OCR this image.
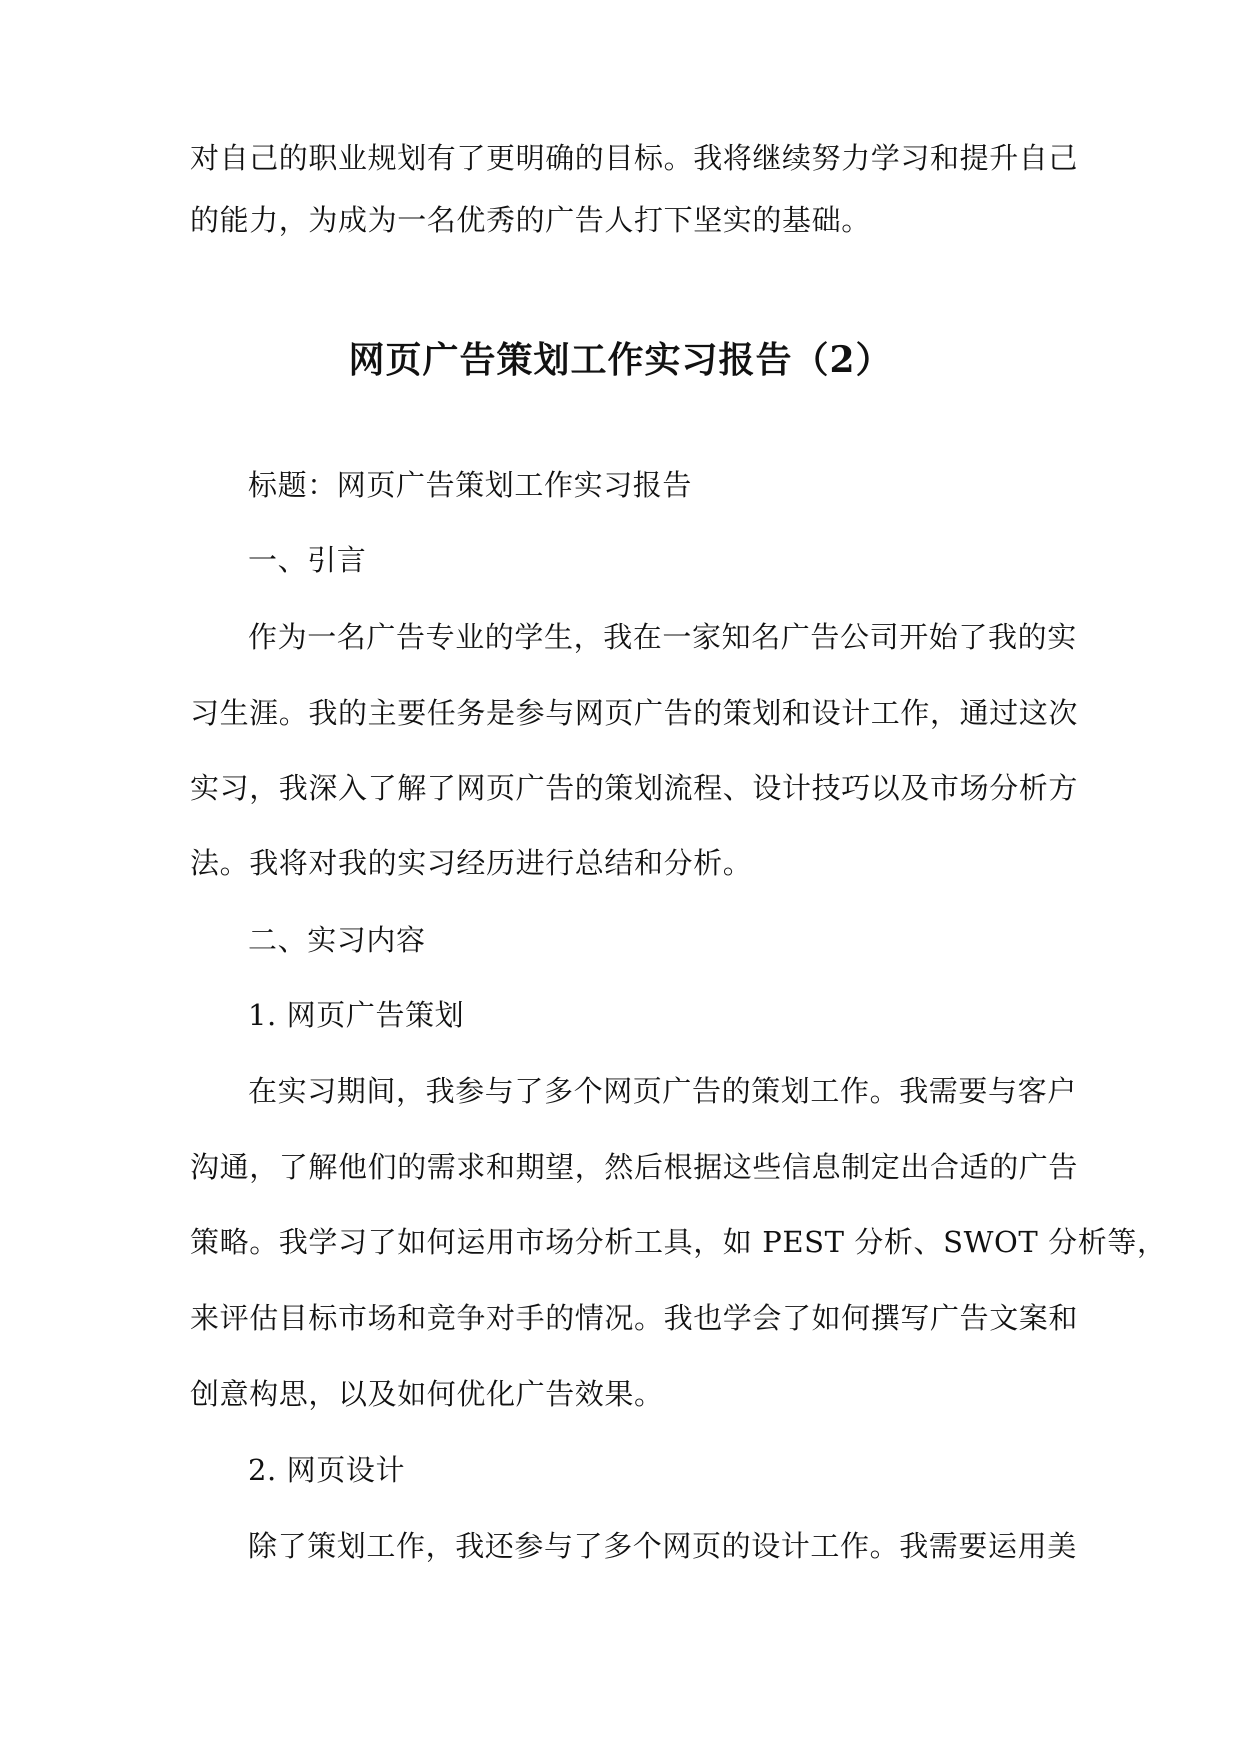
对自己的职业规划有了更明确的目标。我将继续努力学习和提升自己
的能力，为成为一名优秀的广告人打下坚实的基础。
网页广告策划工作实习报告（2）
标题：网页广告策划工作实习报告
一、引言
作为一名广告专业的学生，我在一家知名广告公司开始了我的实
习生涯。我的主要任务是参与网页广告的策划和设计工作，通过这次
实习，我深入了解了网页广告的策划流程、设计技巧以及市场分析方
法。我将对我的实习经历进行总结和分析。
二、实习内容
1. 网页广告策划
在实习期间，我参与了多个网页广告的策划工作。我需要与客户
沟通，了解他们的需求和期望，然后根据这些信息制定出合适的广告
策略。我学习了如何运用市场分析工具，如 PEST 分析、SWOT 分析等，
来评估目标市场和竞争对手的情况。我也学会了如何撰写广告文案和
创意构思，以及如何优化广告效果。
2. 网页设计
除了策划工作，我还参与了多个网页的设计工作。我需要运用美
